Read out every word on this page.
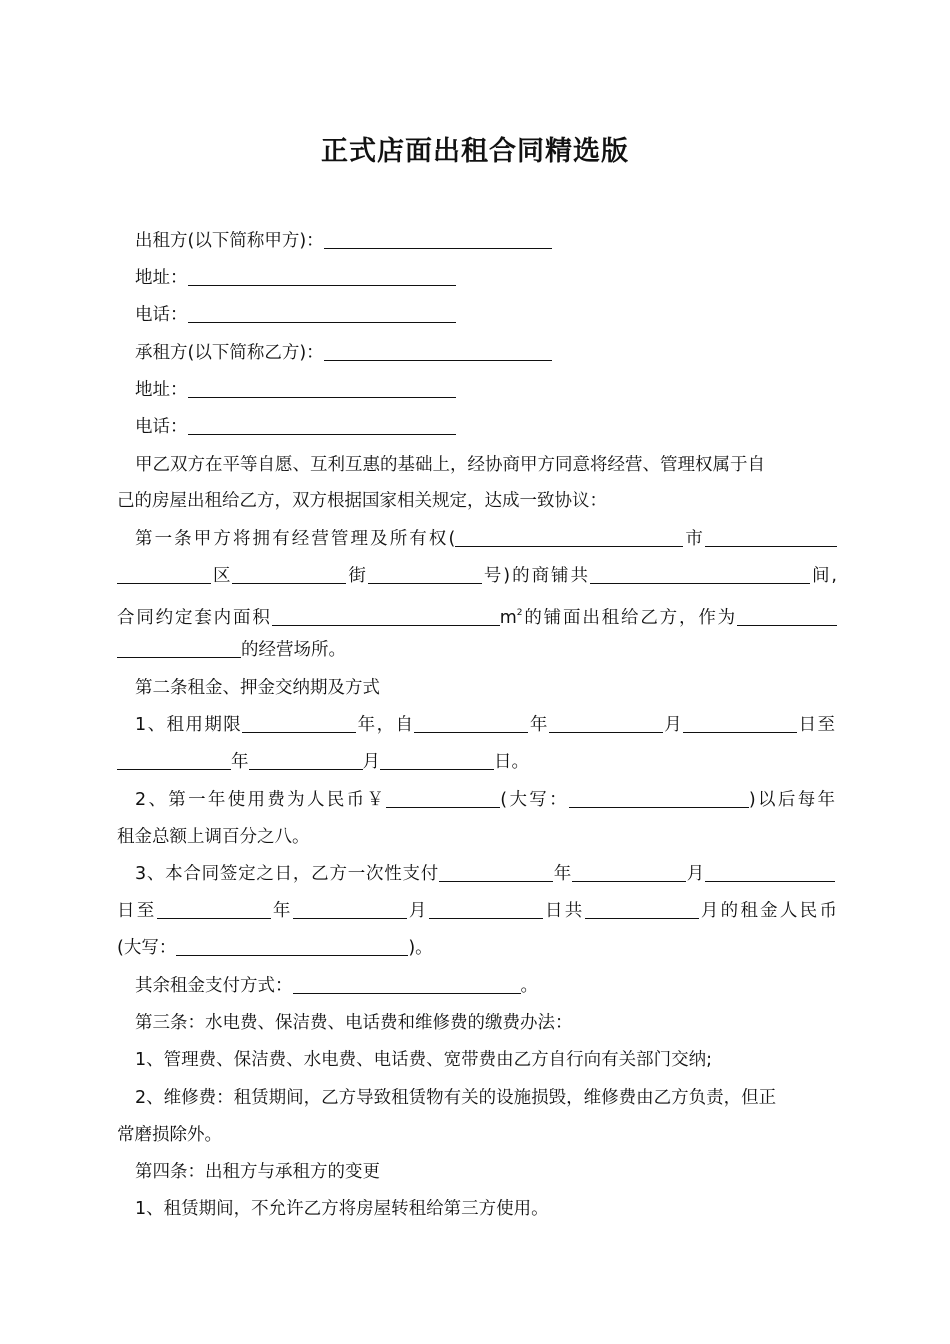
正式店面出租合同精选版
出租方(以下简称甲方)：
地址：
电话：
承租方(以下简称乙方)：
地址：
电话：
甲乙双方在平等自愿、互利互惠的基础上，经协商甲方同意将经营、管理权属于自
己的房屋出租给乙方，双方根据国家相关规定，达成一致协议：
第一条甲方将拥有经营管理及所有权(	市
区	街	号)的商铺共	间,
合同约定套内面积	$m^2$的铺面出租给乙方，作为
的经营场所。
第二条租金、押金交纳期及方式
1、租用期限	年，自	年	月	日至
年	月	日。
2、第一年使用费为人民币￥	(大写：	)以后每年
租金总额上调百分之八。
3、本合同签定之日，乙方一次性支付	年	月
日至	年	月	日共	月的租金人民币
(大写：	)。
其余租金支付方式：	。
第三条：水电费、保洁费、电话费和维修费的缴费办法：
1、管理费、保洁费、水电费、电话费、宽带费由乙方自行向有关部门交纳;
2、维修费：租赁期间，乙方导致租赁物有关的设施损毁，维修费由乙方负责，但正
常磨损除外。
第四条：出租方与承租方的变更
1、租赁期间，不允许乙方将房屋转租给第三方使用。
